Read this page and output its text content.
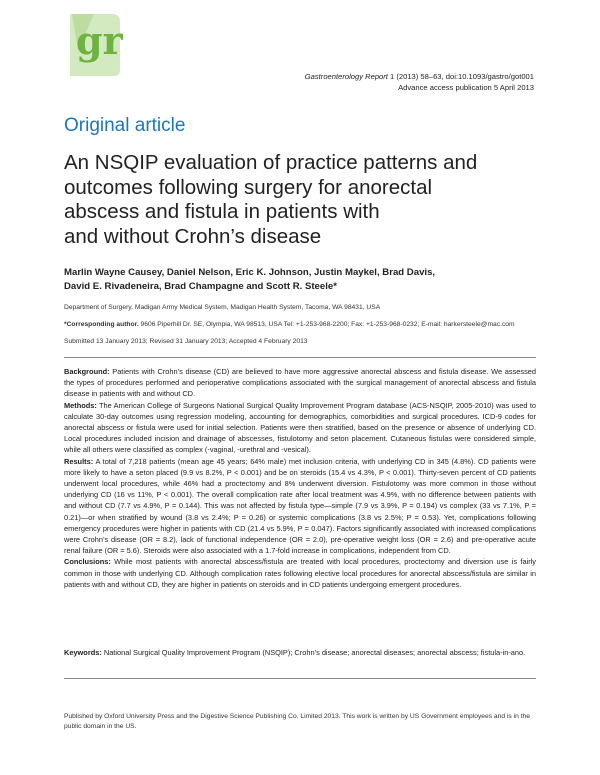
gr
Gastroenterology Report 1 (2013) 58–63, doi:10.1093/gastro/got001
Advance access publication 5 April 2013
Original article
An NSQIP evaluation of practice patterns and
outcomes following surgery for anorectal
abscess and fistula in patients with
and without Crohn’s disease
Marlin Wayne Causey, Daniel Nelson, Eric K. Johnson, Justin Maykel, Brad Davis,
David E. Rivadeneira, Brad Champagne and Scott R. Steele*
Department of Surgery, Madigan Army Medical System, Madigan Health System, Tacoma, WA 98431, USA
*Corresponding author. 9606 Piperhill Dr. SE, Olympia, WA 98513, USA Tel: +1-253-968-2200; Fax: +1-253-968-0232; E-mail: harkersteele@mac.com
Submitted 13 January 2013; Revised 31 January 2013; Accepted 4 February 2013

Background: Patients with Crohn’s disease (CD) are believed to have more aggressive anorectal abscess and fistula disease. We assessed the types of procedures performed and perioperative complications associated with the surgical management of anorectal abscess and fistula disease in patients with and without CD.

Methods: The American College of Surgeons National Surgical Quality Improvement Program database (ACS-NSQIP, 2005-2010) was used to calculate 30-day outcomes using regression modeling, accounting for demographics, comorbidities and surgical procedures. ICD-9 codes for anorectal abscess or fistula were used for initial selection. Patients were then stratified, based on the presence or absence of underlying CD. Local procedures included incision and drainage of abscesses, fistulotomy and seton placement. Cutaneous fistulas were considered simple, while all others were classified as complex (-vaginal, -urethral and -vesical).

Results: A total of 7,218 patients (mean age 45 years; 64% male) met inclusion criteria, with underlying CD in 345 (4.8%). CD patients were more likely to have a seton placed (9.9 vs 8.2%, P < 0.001) and be on steroids (15.4 vs 4.3%, P < 0.001). Thirty-seven percent of CD patients underwent local procedures, while 46% had a proctectomy and 8% underwent diversion. Fistulotomy was more common in those without underlying CD (16 vs 11%, P < 0.001). The overall complication rate after local treatment was 4.9%, with no difference between patients with and without CD (7.7 vs 4.9%, P = 0.144). This was not affected by fistula type—simple (7.9 vs 3.9%, P = 0.194) vs complex (33 vs 7.1%, P = 0.21)—or when stratified by wound (3.8 vs 2.4%; P = 0.26) or systemic complications (3.8 vs 2.5%; P = 0.53). Yet, complications following emergency procedures were higher in patients with CD (21.4 vs 5.9%, P = 0.047). Factors significantly associated with increased complications were Crohn’s disease (OR = 8.2), lack of functional independence (OR = 2.0), pre-operative weight loss (OR = 2.6) and pre-operative acute renal failure (OR = 5.6). Steroids were also associated with a 1.7-fold increase in complications, independent from CD.

Conclusions: While most patients with anorectal abscess/fistula are treated with local procedures, proctectomy and diversion use is fairly common in those with underlying CD. Although complication rates following elective local procedures for anorectal abscess/fistula are similar in patients with and without CD, they are higher in patients on steroids and in CD patients undergoing emergent procedures.

Keywords: National Surgical Quality Improvement Program (NSQIP); Crohn’s disease; anorectal diseases; anorectal abscess; fistula-in-ano.
Published by Oxford University Press and the Digestive Science Publishing Co. Limited 2013. This work is written by US Government employees and is in the public domain in the US.
